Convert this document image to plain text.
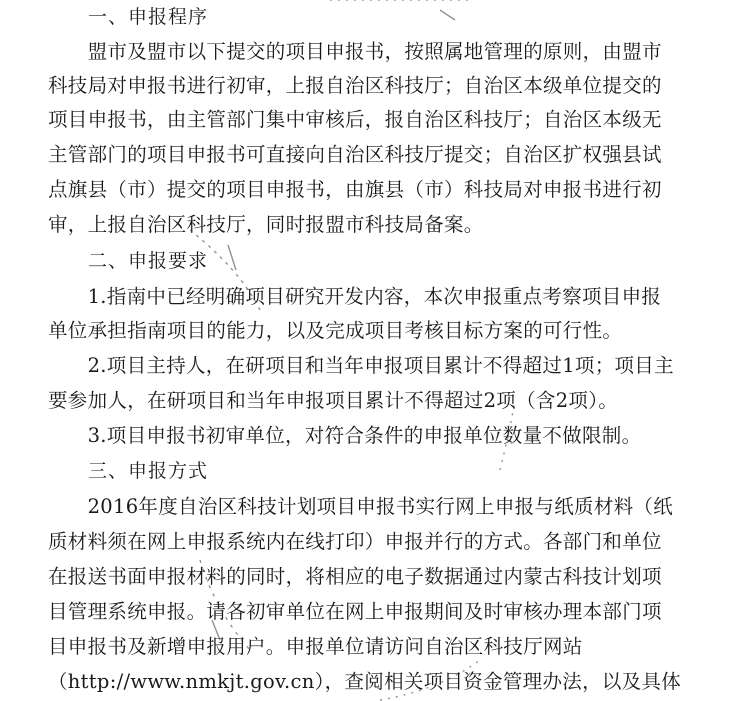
一、申报程序
　　盟市及盟市以下提交的项目申报书，按照属地管理的原则，由盟市
科技局对申报书进行初审，上报自治区科技厅；自治区本级单位提交的
项目申报书，由主管部门集中审核后，报自治区科技厅；自治区本级无
主管部门的项目申报书可直接向自治区科技厅提交；自治区扩权强县试
点旗县（市）提交的项目申报书，由旗县（市）科技局对申报书进行初
审，上报自治区科技厅，同时报盟市科技局备案。
二、申报要求
　　1.指南中已经明确项目研究开发内容，本次申报重点考察项目申报
单位承担指南项目的能力，以及完成项目考核目标方案的可行性。
　　2.项目主持人，在研项目和当年申报项目累计不得超过1项；项目主
要参加人，在研项目和当年申报项目累计不得超过2项（含2项）。
　　3.项目申报书初审单位，对符合条件的申报单位数量不做限制。
三、申报方式
　　2016年度自治区科技计划项目申报书实行网上申报与纸质材料（纸
质材料须在网上申报系统内在线打印）申报并行的方式。各部门和单位
在报送书面申报材料的同时，将相应的电子数据通过内蒙古科技计划项
目管理系统申报。请各初审单位在网上申报期间及时审核办理本部门项
目申报书及新增申报用户。申报单位请访问自治区科技厅网站
（http://www.nmkjt.gov.cn），查阅相关项目资金管理办法，以及具体
